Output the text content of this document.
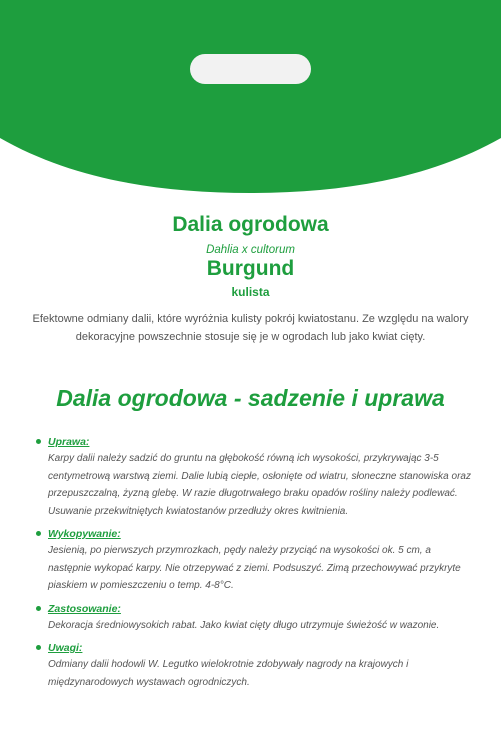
Dalia ogrodowa
Dahlia x cultorum
Burgund
kulista
Efektowne odmiany dalii, które wyróżnia kulisty pokrój kwiatostanu. Ze względu na walory dekoracyjne powszechnie stosuje się je w ogrodach lub jako kwiat cięty.
Dalia ogrodowa - sadzenie i uprawa
Uprawa:
Karpy dalii należy sadzić do gruntu na głębokość równą ich wysokości, przykrywając 3-5 centymetrową warstwą ziemi. Dalie lubią ciepłe, osłonięte od wiatru, słoneczne stanowiska oraz przepuszczalną, żyzną glebę. W razie długotrwałego braku opadów rośliny należy podlewać. Usuwanie przekwitniętych kwiatostanów przedłuży okres kwitnienia.
Wykopywanie:
Jesienią, po pierwszych przymrozkach, pędy należy przyciąć na wysokości ok. 5 cm, a następnie wykopać karpy. Nie otrzepywać z ziemi. Podsuszyć. Zimą przechowywać przykryte piaskiem w pomieszczeniu o temp. 4-8°C.
Zastosowanie:
Dekoracja średniowysokich rabat. Jako kwiat cięty długo utrzymuje świeżość w wazonie.
Uwagi:
Odmiany dalii hodowli W. Legutko wielokrotnie zdobywały nagrody na krajowych i międzynarodowych wystawach ogrodniczych.
